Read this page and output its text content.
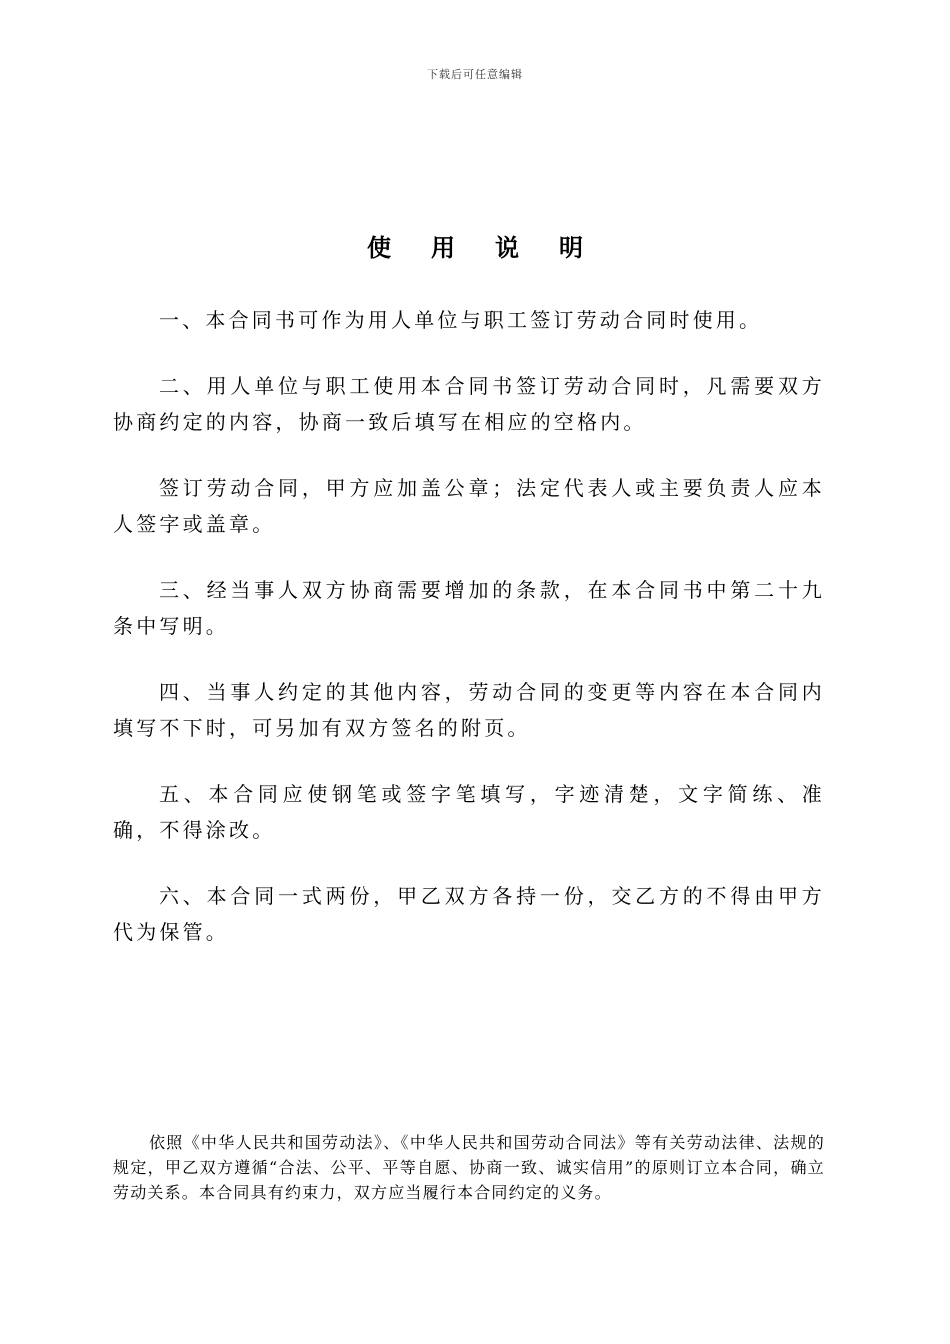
下载后可任意编辑
使用说明

一、本合同书可作为用人单位与职工签订劳动合同时使用。

二、用人单位与职工使用本合同书签订劳动合同时，凡需要双方协商约定的内容，协商一致后填写在相应的空格内。

签订劳动合同，甲方应加盖公章；法定代表人或主要负责人应本人签字或盖章。

三、经当事人双方协商需要增加的条款，在本合同书中第二十九条中写明。

四、当事人约定的其他内容，劳动合同的变更等内容在本合同内填写不下时，可另加有双方签名的附页。

五、本合同应使钢笔或签字笔填写，字迹清楚，文字简练、准确，不得涂改。

六、本合同一式两份，甲乙双方各持一份，交乙方的不得由甲方代为保管。

依照《中华人民共和国劳动法》、《中华人民共和国劳动合同法》等有关劳动法律、法规的规定，甲乙双方遵循“合法、公平、平等自愿、协商一致、诚实信用”的原则订立本合同，确立劳动关系。本合同具有约束力，双方应当履行本合同约定的义务。
